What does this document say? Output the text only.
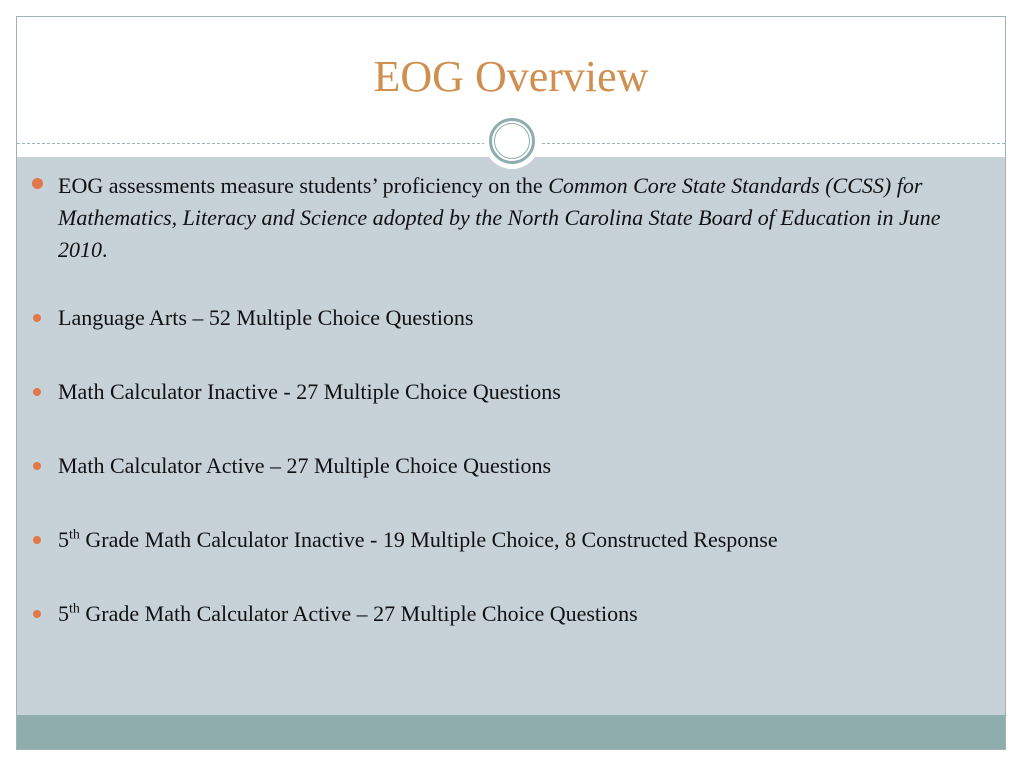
EOG Overview
EOG assessments measure students’ proficiency on the Common Core State Standards (CCSS) for Mathematics, Literacy and Science adopted by the North Carolina State Board of Education in June 2010.
Language Arts – 52 Multiple Choice Questions
Math Calculator Inactive - 27 Multiple Choice Questions
Math Calculator Active – 27 Multiple Choice Questions
5th Grade Math Calculator Inactive - 19 Multiple Choice, 8 Constructed Response
5th Grade Math Calculator Active – 27 Multiple Choice Questions
